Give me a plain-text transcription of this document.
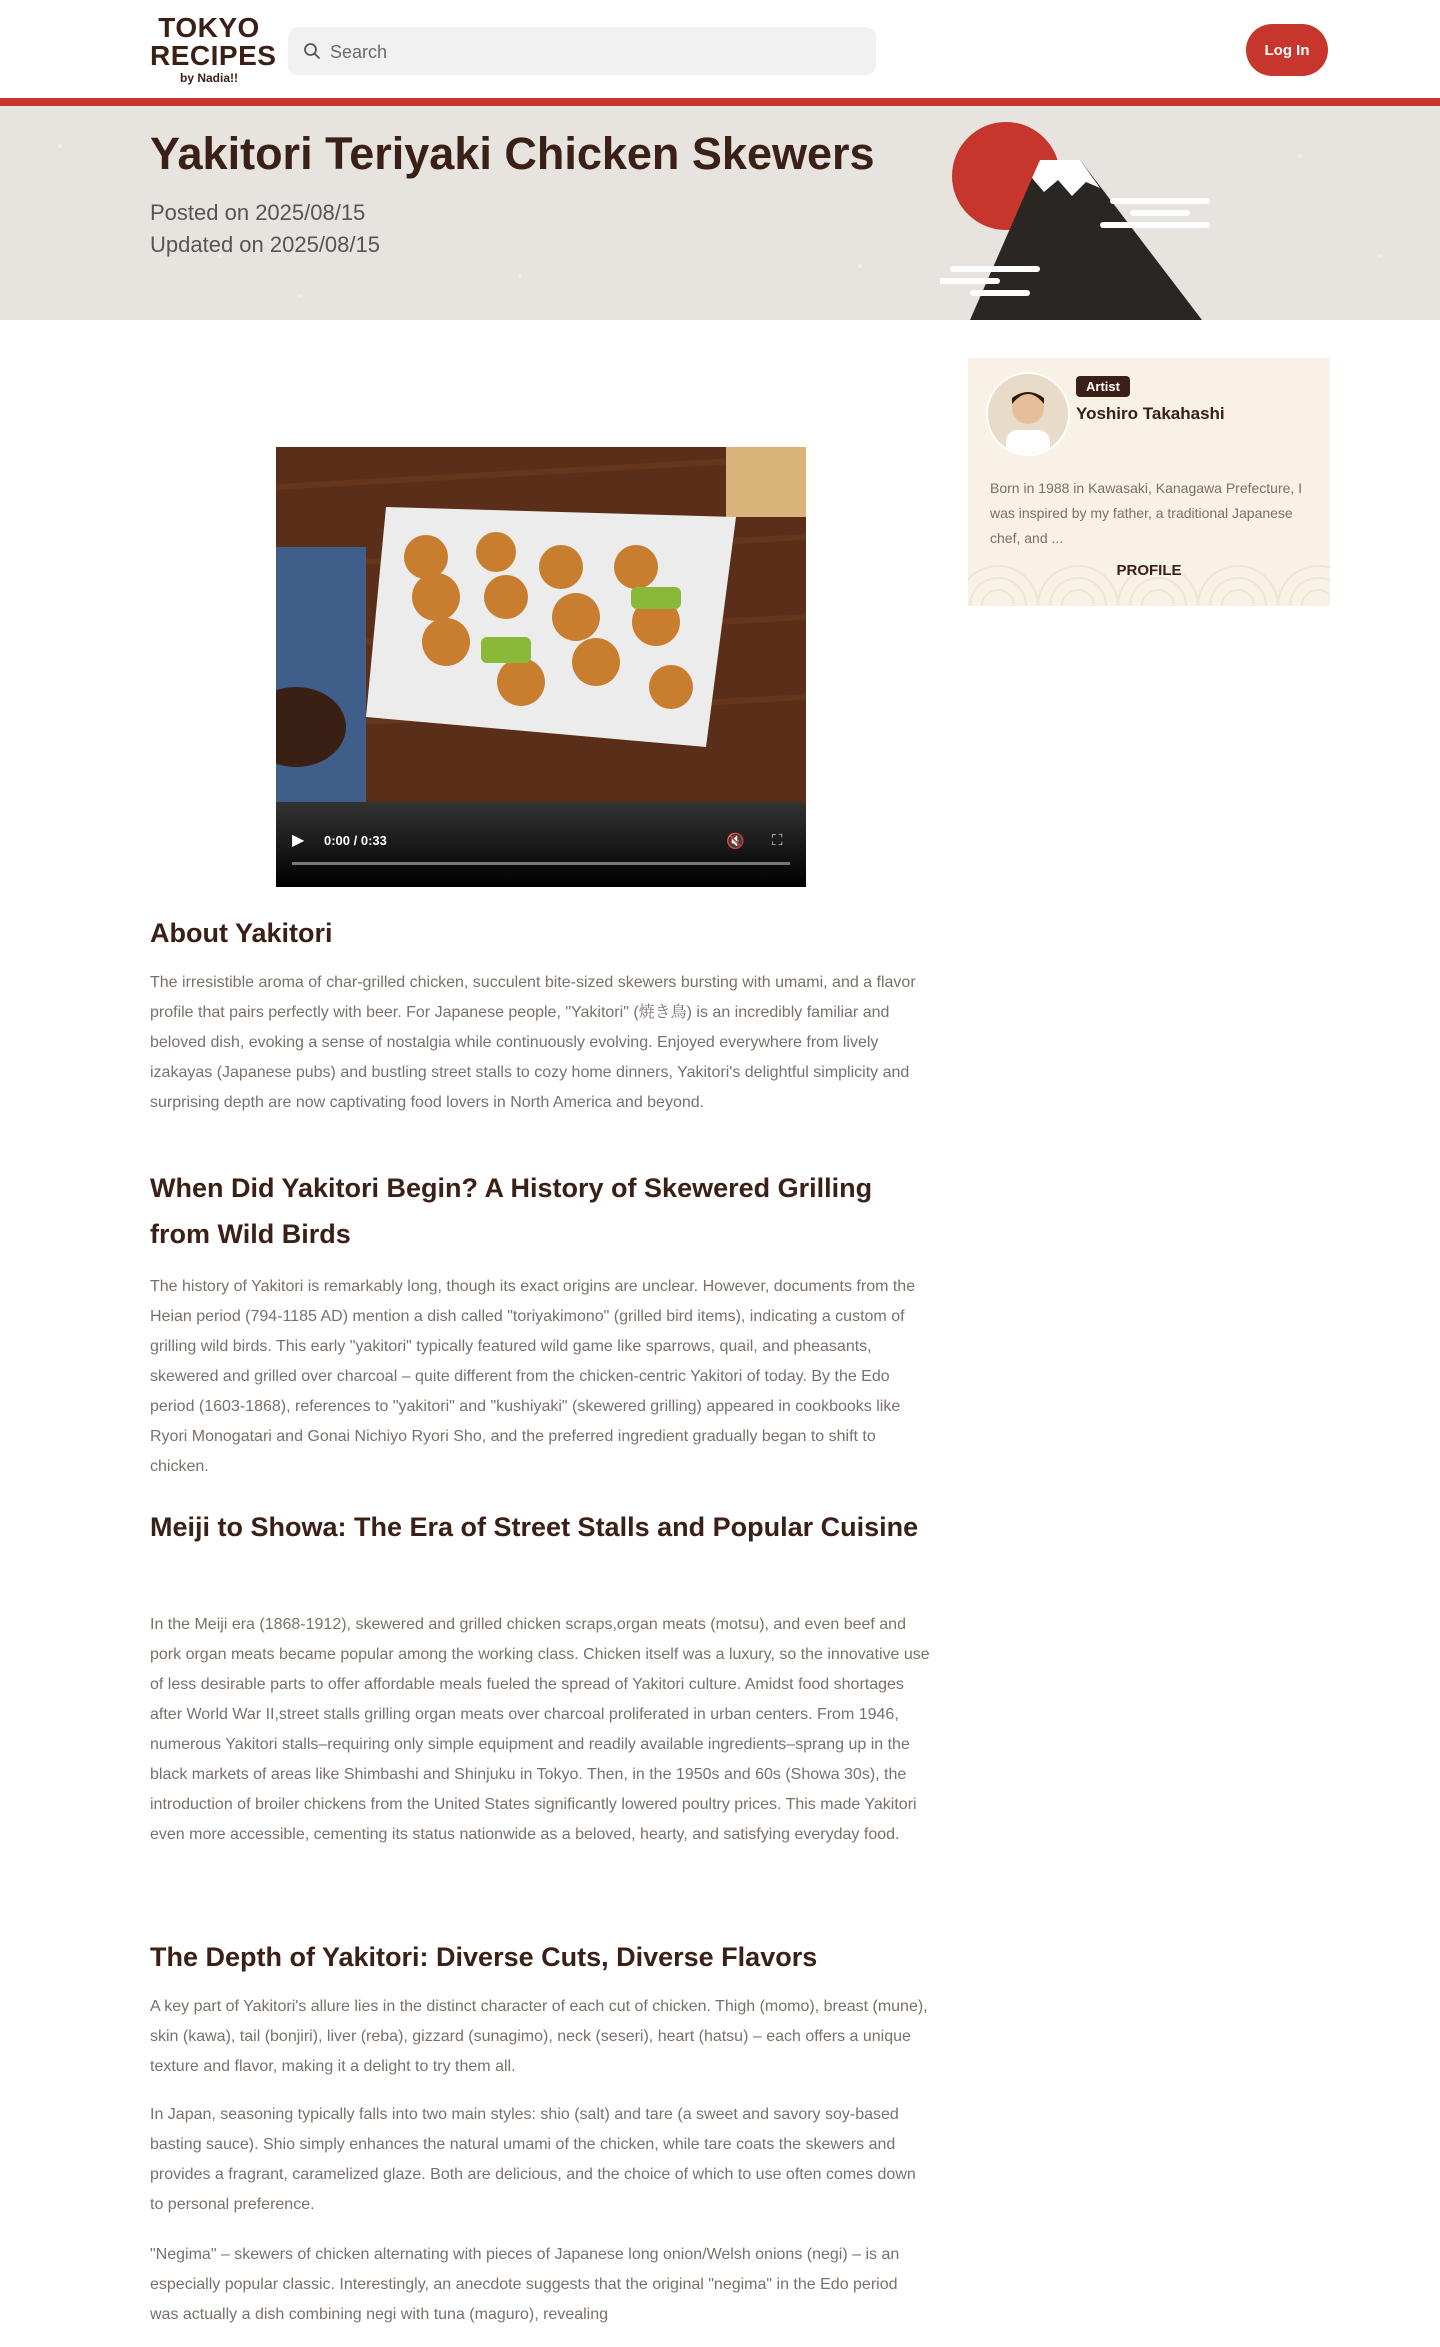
TOKYO
RECIPES
by Nadia!!
Search
Log In
Yakitori Teriyaki Chicken Skewers
Posted on 2025/08/15
Updated on 2025/08/15
▶	0:00 / 0:33	🔇 ⛶
About Yakitori

The irresistible aroma of char-grilled chicken, succulent bite-sized skewers bursting with umami, and a flavor profile that pairs perfectly with beer. For Japanese people, "Yakitori" (焼き鳥) is an incredibly familiar and beloved dish, evoking a sense of nostalgia while continuously evolving. Enjoyed everywhere from lively izakayas (Japanese pubs) and bustling street stalls to cozy home dinners, Yakitori's delightful simplicity and surprising depth are now captivating food lovers in North America and beyond.

When Did Yakitori Begin? A History of Skewered Grilling from Wild Birds

The history of Yakitori is remarkably long, though its exact origins are unclear. However, documents from the Heian period (794-1185 AD) mention a dish called "toriyakimono" (grilled bird items), indicating a custom of grilling wild birds. This early "yakitori" typically featured wild game like sparrows, quail, and pheasants, skewered and grilled over charcoal – quite different from the chicken-centric Yakitori of today. By the Edo period (1603-1868), references to "yakitori" and "kushiyaki" (skewered grilling) appeared in cookbooks like Ryori Monogatari and Gonai Nichiyo Ryori Sho, and the preferred ingredient gradually began to shift to chicken.

Meiji to Showa: The Era of Street Stalls and Popular Cuisine

In the Meiji era (1868-1912), skewered and grilled chicken scraps,organ meats (motsu), and even beef and pork organ meats became popular among the working class. Chicken itself was a luxury, so the innovative use of less desirable parts to offer affordable meals fueled the spread of Yakitori culture. Amidst food shortages after World War II,street stalls grilling organ meats over charcoal proliferated in urban centers. From 1946, numerous Yakitori stalls–requiring only simple equipment and readily available ingredients–sprang up in the black markets of areas like Shimbashi and Shinjuku in Tokyo. Then, in the 1950s and 60s (Showa 30s), the introduction of broiler chickens from the United States significantly lowered poultry prices. This made Yakitori even more accessible, cementing its status nationwide as a beloved, hearty, and satisfying everyday food.

The Depth of Yakitori: Diverse Cuts, Diverse Flavors

A key part of Yakitori's allure lies in the distinct character of each cut of chicken. Thigh (momo), breast (mune), skin (kawa), tail (bonjiri), liver (reba), gizzard (sunagimo), neck (seseri), heart (hatsu) – each offers a unique texture and flavor, making it a delight to try them all.

In Japan, seasoning typically falls into two main styles: shio (salt) and tare (a sweet and savory soy-based basting sauce). Shio simply enhances the natural umami of the chicken, while tare coats the skewers and provides a fragrant, caramelized glaze. Both are delicious, and the choice of which to use often comes down to personal preference.

"Negima" – skewers of chicken alternating with pieces of Japanese long onion/Welsh onions (negi) – is an especially popular classic. Interestingly, an anecdote suggests that the original "negima" in the Edo period was actually a dish combining negi with tuna (maguro), revealing

Artist
Yoshiro Takahashi
Born in 1988 in Kawasaki, Kanagawa Prefecture, I was inspired by my father, a traditional Japanese chef, and ...
PROFILE
